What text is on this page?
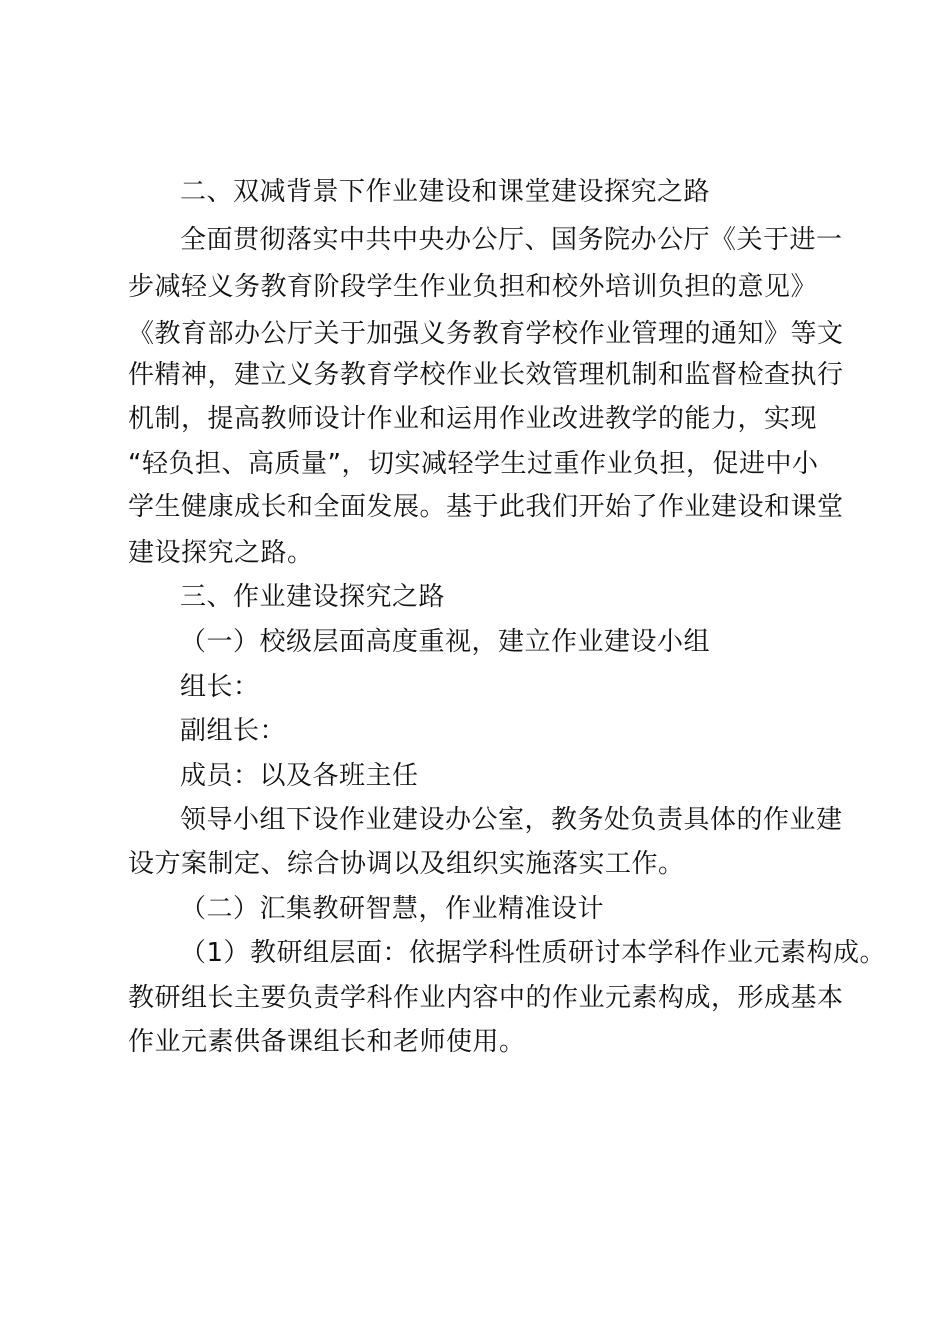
二、双减背景下作业建设和课堂建设探究之路
全面贯彻落实中共中央办公厅、国务院办公厅《关于进一
步减轻义务教育阶段学生作业负担和校外培训负担的意见》
《教育部办公厅关于加强义务教育学校作业管理的通知》等文
件精神，建立义务教育学校作业长效管理机制和监督检查执行
机制，提高教师设计作业和运用作业改进教学的能力，实现
“轻负担、高质量”，切实减轻学生过重作业负担，促进中小
学生健康成长和全面发展。基于此我们开始了作业建设和课堂
建设探究之路。
三、作业建设探究之路
（一）校级层面高度重视，建立作业建设小组
组长：
副组长：
成员：以及各班主任
领导小组下设作业建设办公室，教务处负责具体的作业建
设方案制定、综合协调以及组织实施落实工作。
（二）汇集教研智慧，作业精准设计
（1）教研组层面：依据学科性质研讨本学科作业元素构成。
教研组长主要负责学科作业内容中的作业元素构成，形成基本
作业元素供备课组长和老师使用。
